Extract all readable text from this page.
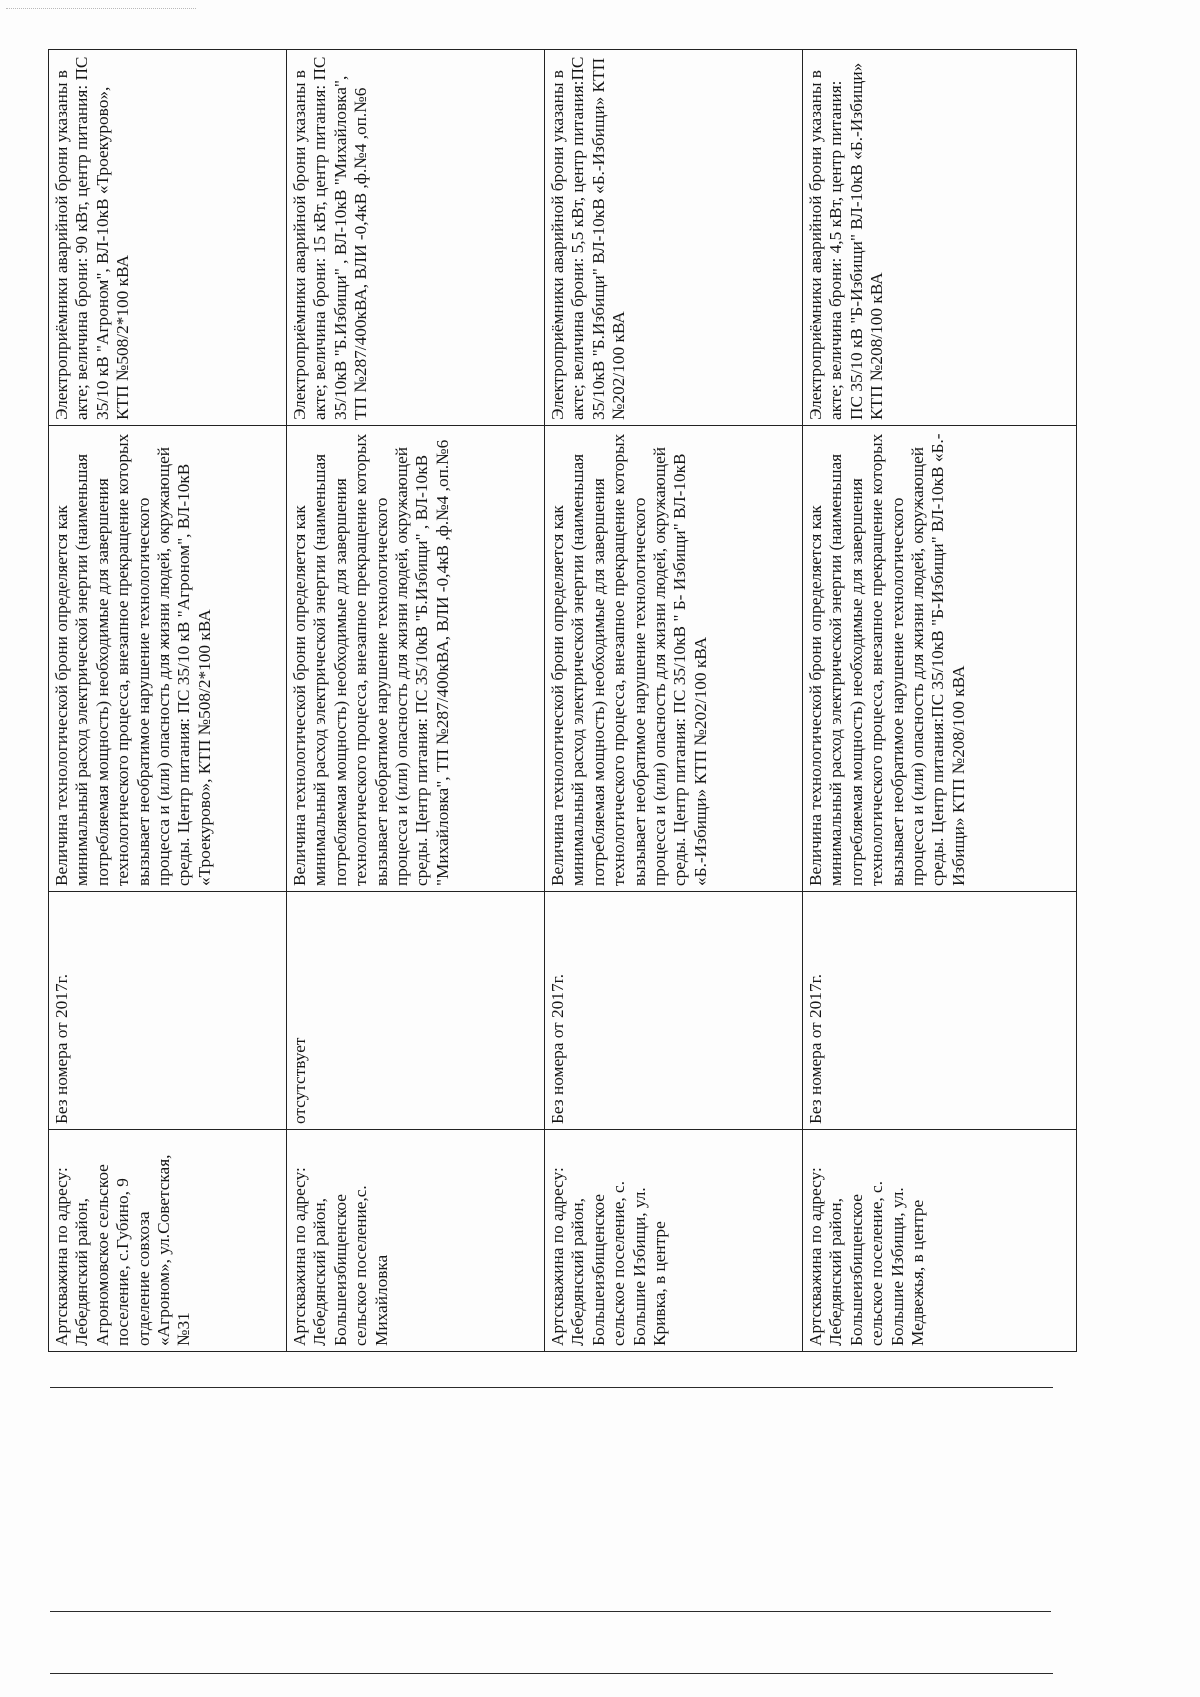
Артскважина по адресу: Лебедянский район, Агрономовское сельское поселение, с.Губино, 9 отделение совхоза «Агроном», ул.Советская, №31	Без номера от 2017г.	Величина технологической брони определяется как минимальный расход электрической энергии (наименьшая потребляемая мощность) необходимые для завершения технологического процесса, внезапное прекращение которых вызывает необратимое нарушение технологического процесса и (или) опасность для жизни людей, окружающей среды. Центр питания: ПС 35/10 кВ "Агроном", ВЛ-10кВ «Троекурово», КТП №508/2*100 кВА	Электроприёмники аварийной брони указаны в акте; величина брони: 90 кВт, центр питания: ПС 35/10 кВ "Агроном", ВЛ-10кВ «Троекурово», КТП №508/2*100 кВА
Артскважина по адресу: Лебедянский район, Большеизбищенское сельское поселение,с. Михайловка	отсутствует	Величина технологической брони определяется как минимальный расход электрической энергии (наименьшая потребляемая мощность) необходимые для завершения технологического процесса, внезапное прекращение которых вызывает необратимое нарушение технологического процесса и (или) опасность для жизни людей, окружающей среды. Центр питания: ПС 35/10кВ "Б.Избищи" , ВЛ-10кВ "Михайловка", ТП №287/400кВА, ВЛИ -0,4кВ ,ф.№4 ,оп.№6	Электроприёмники аварийной брони указаны в акте; величина брони: 15 кВт, центр питания: ПС 35/10кВ "Б.Избищи" , ВЛ-10кВ "Михайловка", ТП №287/400кВА, ВЛИ -0,4кВ ,ф.№4 ,оп.№6
Артскважина по адресу: Лебедянский район, Большеизбищенское сельское поселение, с. Большие Избищи, ул. Кривка, в центре	Без номера от 2017г.	Величина технологической брони определяется как минимальный расход электрической энергии (наименьшая потребляемая мощность) необходимые для завершения технологического процесса, внезапное прекращение которых вызывает необратимое нарушение технологического процесса и (или) опасность для жизни людей, окружающей среды. Центр питания: ПС 35/10кВ " Б- Избищи" ВЛ-10кВ «Б.-Избищи» КТП №202/100 кВА	Электроприёмники аварийной брони указаны в акте; величина брони: 5,5 кВт, центр питания:ПС 35/10кВ "Б.Избищи" ВЛ-10кВ «Б.-Избищи» КТП №202/100 кВА
Артскважина по адресу: Лебедянский район, Большеизбищенское сельское поселение, с. Большие Избищи, ул. Медвежья, в центре	Без номера от 2017г.	Величина технологической брони определяется как минимальный расход электрической энергии (наименьшая потребляемая мощность) необходимые для завершения технологического процесса, внезапное прекращение которых вызывает необратимое нарушение технологического процесса и (или) опасность для жизни людей, окружающей среды. Центр питания:ПС 35/10кВ "Б-Избищи" ВЛ-10кВ «Б.-Избищи» КТП №208/100 кВА	Электроприёмники аварийной брони указаны в акте; величина брони: 4,5 кВт, центр питания: ПС 35/10 кВ "Б-Избищи" ВЛ-10кВ «Б.-Избищи» КТП №208/100 кВА
